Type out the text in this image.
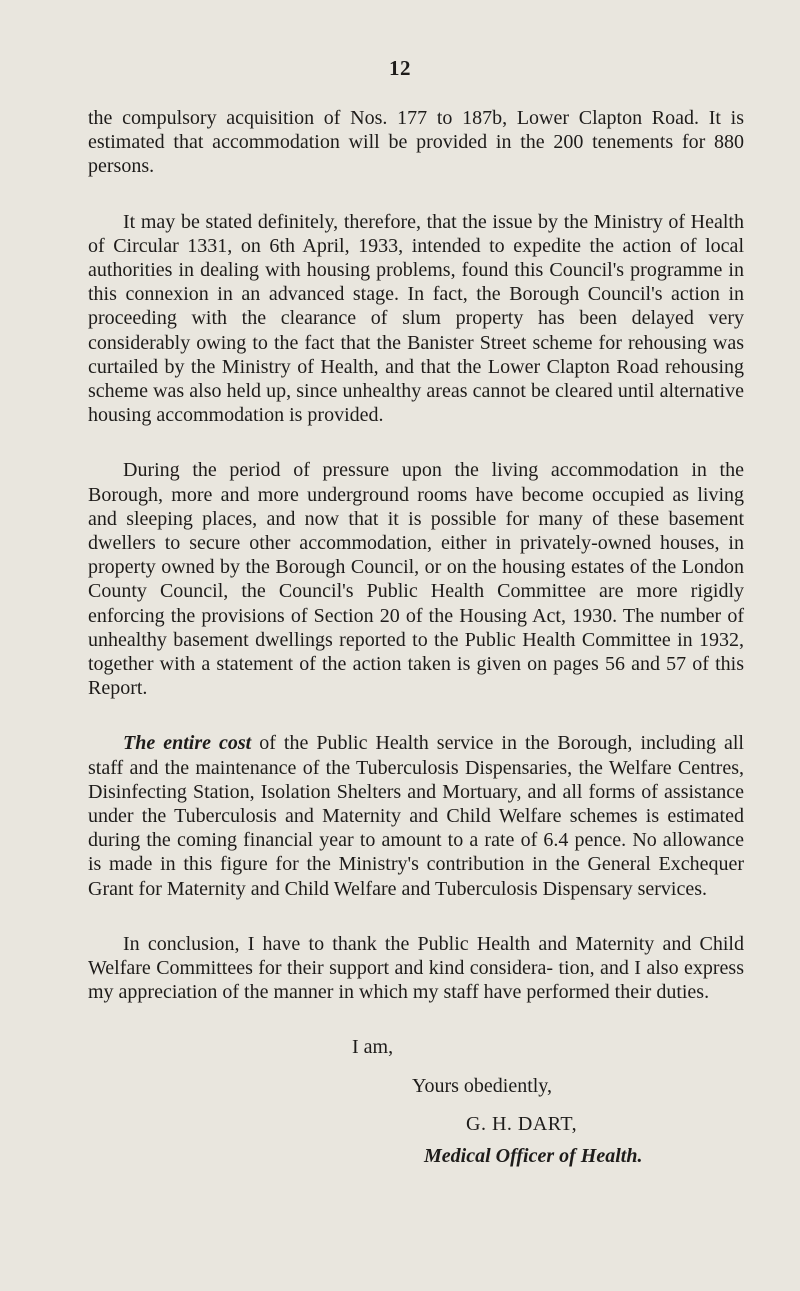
12

the compulsory acquisition of Nos. 177 to 187b, Lower Clapton Road. It is estimated that accommodation will be provided in the 200 tenements for 880 persons.

It may be stated definitely, therefore, that the issue by the Ministry of Health of Circular 1331, on 6th April, 1933, intended to expedite the action of local authorities in dealing with housing problems, found this Council's programme in this connexion in an advanced stage. In fact, the Borough Council's action in proceeding with the clearance of slum property has been delayed very considerably owing to the fact that the Banister Street scheme for rehousing was curtailed by the Ministry of Health, and that the Lower Clapton Road rehousing scheme was also held up, since unhealthy areas cannot be cleared until alternative housing accommodation is provided.

During the period of pressure upon the living accommodation in the Borough, more and more underground rooms have become occupied as living and sleeping places, and now that it is possible for many of these basement dwellers to secure other accommodation, either in privately-owned houses, in property owned by the Borough Council, or on the housing estates of the London County Council, the Council's Public Health Committee are more rigidly enforcing the provisions of Section 20 of the Housing Act, 1930. The number of unhealthy basement dwellings reported to the Public Health Committee in 1932, together with a statement of the action taken is given on pages 56 and 57 of this Report.

The entire cost of the Public Health service in the Borough, including all staff and the maintenance of the Tuberculosis Dispensaries, the Welfare Centres, Disinfecting Station, Isolation Shelters and Mortuary, and all forms of assistance under the Tuberculosis and Maternity and Child Welfare schemes is estimated during the coming financial year to amount to a rate of 6.4 pence. No allowance is made in this figure for the Ministry's contribution in the General Exchequer Grant for Maternity and Child Welfare and Tuberculosis Dispensary services.

In conclusion, I have to thank the Public Health and Maternity and Child Welfare Committees for their support and kind considera- tion, and I also express my appreciation of the manner in which my staff have performed their duties.

I am,
Yours obediently,
G. H. DART,
Medical Officer of Health.
